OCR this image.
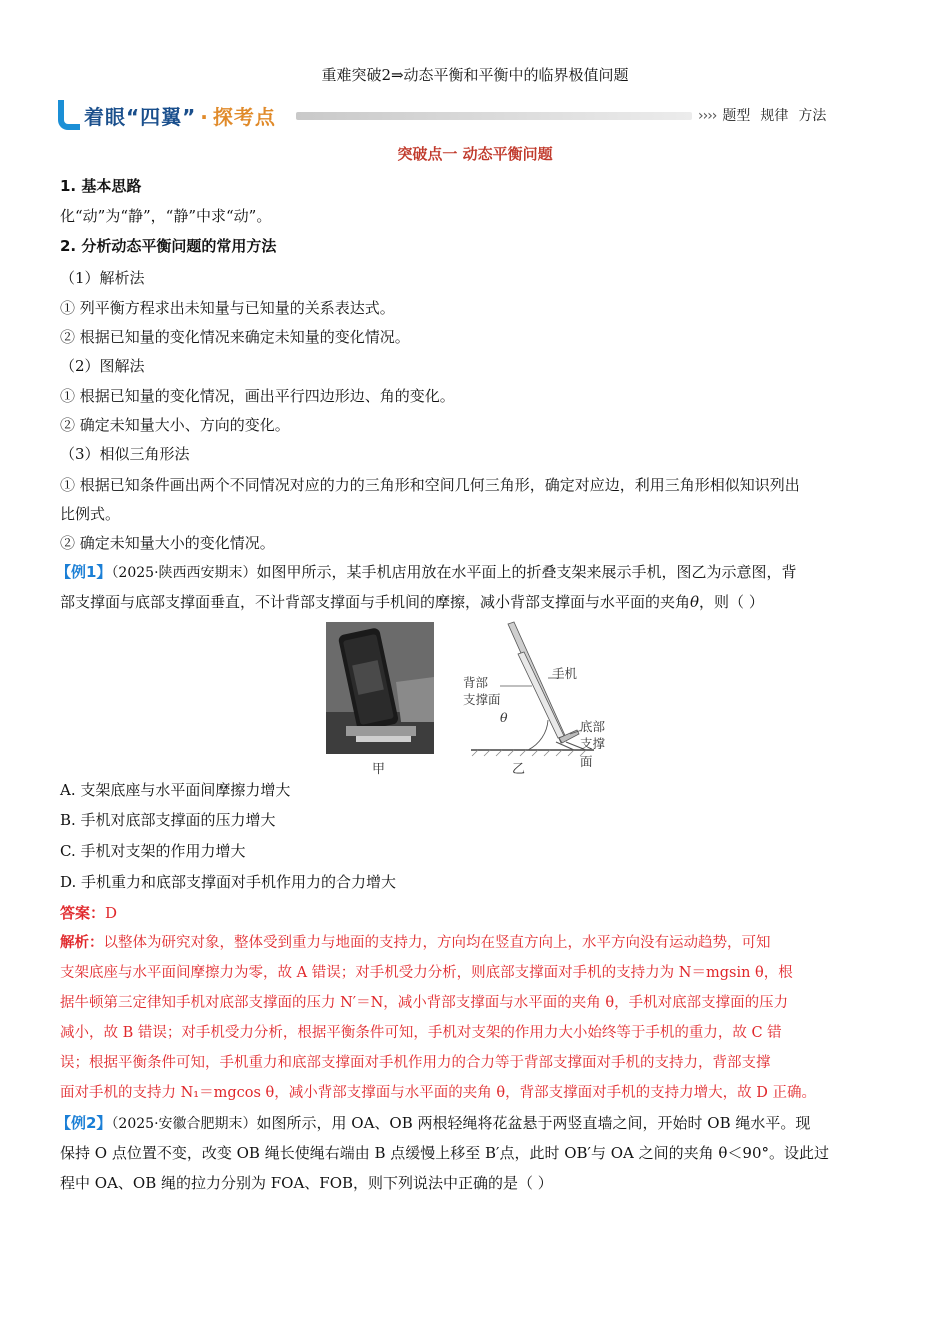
重难突破2⇒动态平衡和平衡中的临界极值问题
着眼“四翼” · 探考点	›››› 题型 规律 方法
突破点一 动态平衡问题
1. 基本思路
化“动”为“静”，“静”中求“动”。
2. 分析动态平衡问题的常用方法
（1）解析法
① 列平衡方程求出未知量与已知量的关系表达式。
② 根据已知量的变化情况来确定未知量的变化情况。
（2）图解法
① 根据已知量的变化情况，画出平行四边形边、角的变化。
② 确定未知量大小、方向的变化。
（3）相似三角形法
① 根据已知条件画出两个不同情况对应的力的三角形和空间几何三角形，确定对应边，利用三角形相似知识列出
比例式。
② 确定未知量大小的变化情况。
【例1】（2025·陕西西安期末）如图甲所示，某手机店用放在水平面上的折叠支架来展示手机，图乙为示意图，背
部支撑面与底部支撑面垂直，不计背部支撑面与手机间的摩擦，减小背部支撑面与水平面的夹角θ，则（ ）
甲
背部
支撑面
手机
θ
底部
支撑面
乙
A. 支架底座与水平面间摩擦力增大
B. 手机对底部支撑面的压力增大
C. 手机对支架的作用力增大
D. 手机重力和底部支撑面对手机作用力的合力增大
答案：D
解析：以整体为研究对象，整体受到重力与地面的支持力，方向均在竖直方向上，水平方向没有运动趋势，可知
支架底座与水平面间摩擦力为零，故 A 错误；对手机受力分析，则底部支撑面对手机的支持力为 N＝mgsin θ，根
据牛顿第三定律知手机对底部支撑面的压力 N′＝N，减小背部支撑面与水平面的夹角 θ，手机对底部支撑面的压力
减小，故 B 错误；对手机受力分析，根据平衡条件可知，手机对支架的作用力大小始终等于手机的重力，故 C 错
误；根据平衡条件可知，手机重力和底部支撑面对手机作用力的合力等于背部支撑面对手机的支持力，背部支撑
面对手机的支持力 N₁＝mgcos θ，减小背部支撑面与水平面的夹角 θ，背部支撑面对手机的支持力增大，故 D 正确。
【例2】（2025·安徽合肥期末）如图所示，用 OA、OB 两根轻绳将花盆悬于两竖直墙之间，开始时 OB 绳水平。现
保持 O 点位置不变，改变 OB 绳长使绳右端由 B 点缓慢上移至 B′点，此时 OB′与 OA 之间的夹角 θ＜90°。设此过
程中 OA、OB 绳的拉力分别为 FOA、FOB，则下列说法中正确的是（ ）
